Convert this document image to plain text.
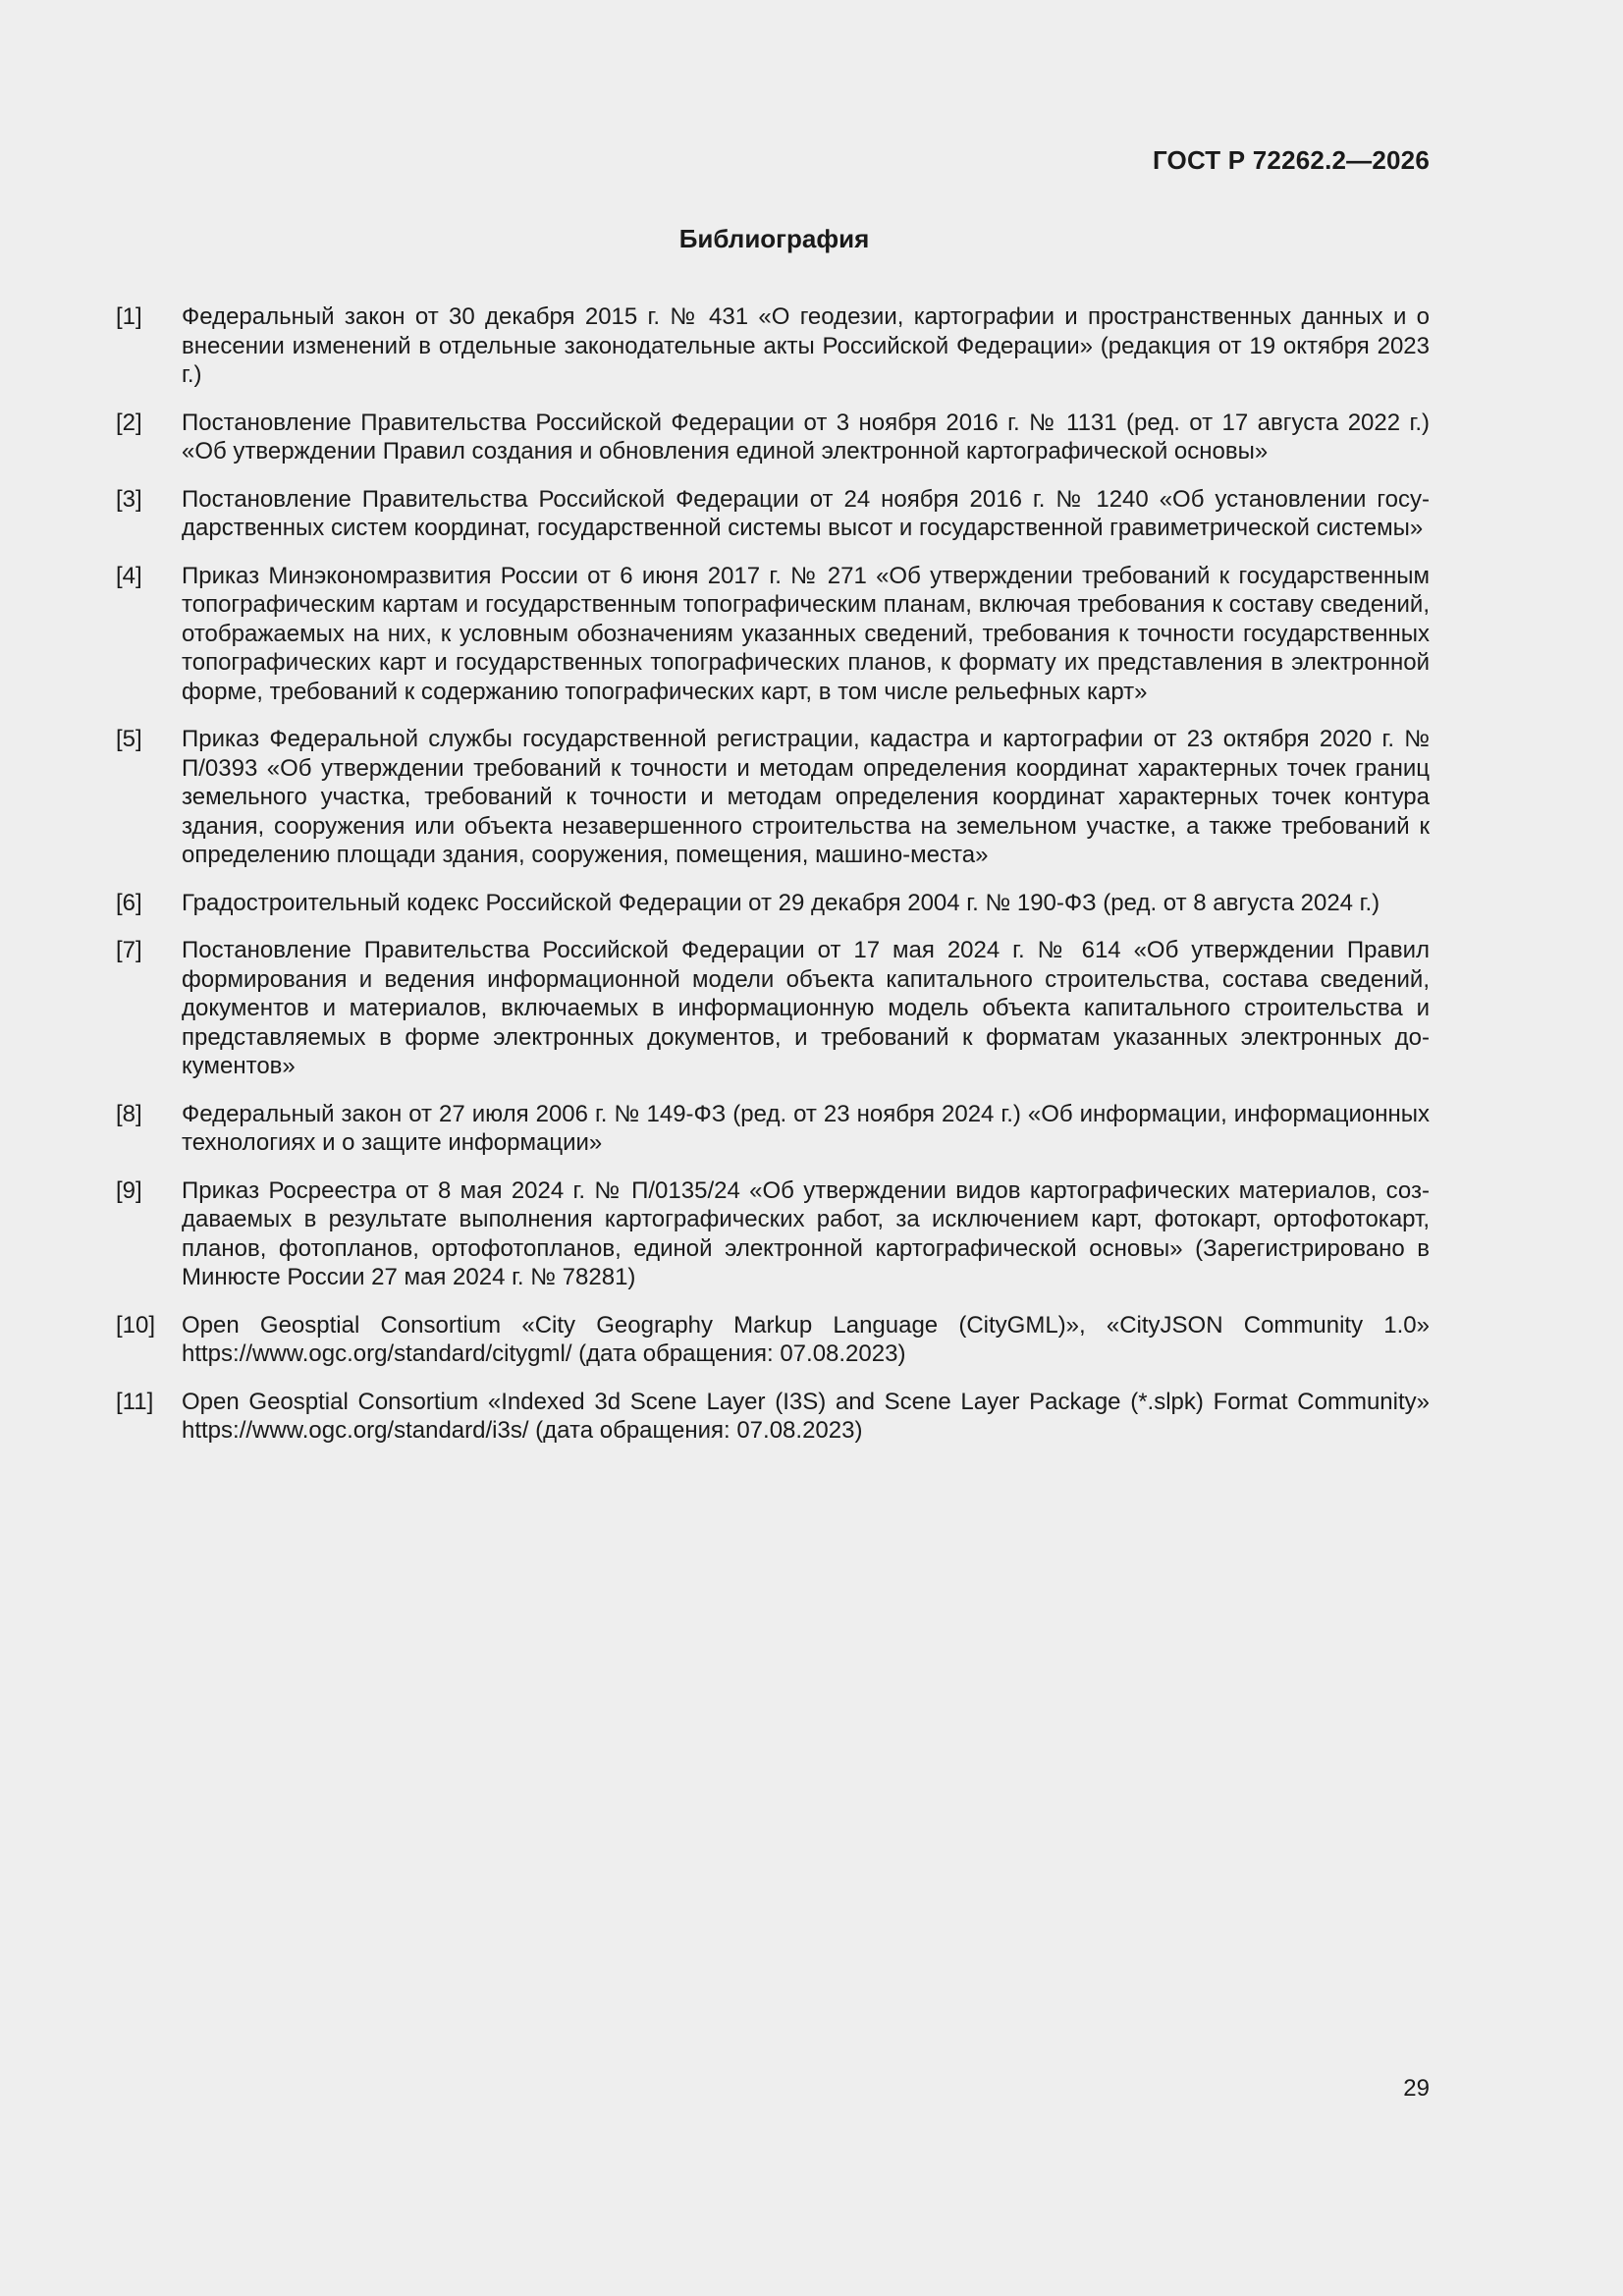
ГОСТ Р 72262.2—2026
Библиография
[1]	Федеральный закон от 30 декабря 2015 г. № 431 «О геодезии, картографии и пространственных данных и о внесении изменений в отдельные законодательные акты Российской Федерации» (редакция от 19 октября 2023 г.)
[2]	Постановление Правительства Российской Федерации от 3 ноября 2016 г. № 1131 (ред. от 17 августа 2022 г.) «Об утверждении Правил создания и обновления единой электронной картографической основы»
[3]	Постановление Правительства Российской Федерации от 24 ноября 2016 г. № 1240 «Об установлении государственных систем координат, государственной системы высот и государственной гравиметрической системы»
[4]	Приказ Минэкономразвития России от 6 июня 2017 г. № 271 «Об утверждении требований к государственным топографическим картам и государственным топографическим планам, включая требования к составу сведений, отображаемых на них, к условным обозначениям указанных сведений, требования к точности государственных топографических карт и государственных топографических планов, к формату их представления в электронной форме, требований к содержанию топографических карт, в том числе рельефных карт»
[5]	Приказ Федеральной службы государственной регистрации, кадастра и картографии от 23 октября 2020 г. № П/0393 «Об утверждении требований к точности и методам определения координат характерных точек границ земельного участка, требований к точности и методам определения координат характерных точек контура здания, сооружения или объекта незавершенного строительства на земельном участке, а также требований к определению площади здания, сооружения, помещения, машино-места»
[6]	Градостроительный кодекс Российской Федерации от 29 декабря 2004 г. № 190-ФЗ (ред. от 8 августа 2024 г.)
[7]	Постановление Правительства Российской Федерации от 17 мая 2024 г. № 614 «Об утверждении Правил формирования и ведения информационной модели объекта капитального строительства, состава сведений, документов и материалов, включаемых в информационную модель объекта капитального строительства и представляемых в форме электронных документов, и требований к форматам указанных электронных документов»
[8]	Федеральный закон от 27 июля 2006 г. № 149-ФЗ (ред. от 23 ноября 2024 г.) «Об информации, информационных технологиях и о защите информации»
[9]	Приказ Росреестра от 8 мая 2024 г. № П/0135/24 «Об утверждении видов картографических материалов, создаваемых в результате выполнения картографических работ, за исключением карт, фотокарт, ортофотокарт, планов, фотопланов, ортофотопланов, единой электронной картографической основы» (Зарегистрировано в Минюсте России 27 мая 2024 г. № 78281)
[10]	Open Geosptial Consortium «City Geography Markup Language (CityGML)», «CityJSON Community 1.0» https://www.ogc.org/standard/citygml/ (дата обращения: 07.08.2023)
[11]	Open Geosptial Consortium «Indexed 3d Scene Layer (I3S) and Scene Layer Package (*.slpk) Format Community» https://www.ogc.org/standard/i3s/ (дата обращения: 07.08.2023)
29
